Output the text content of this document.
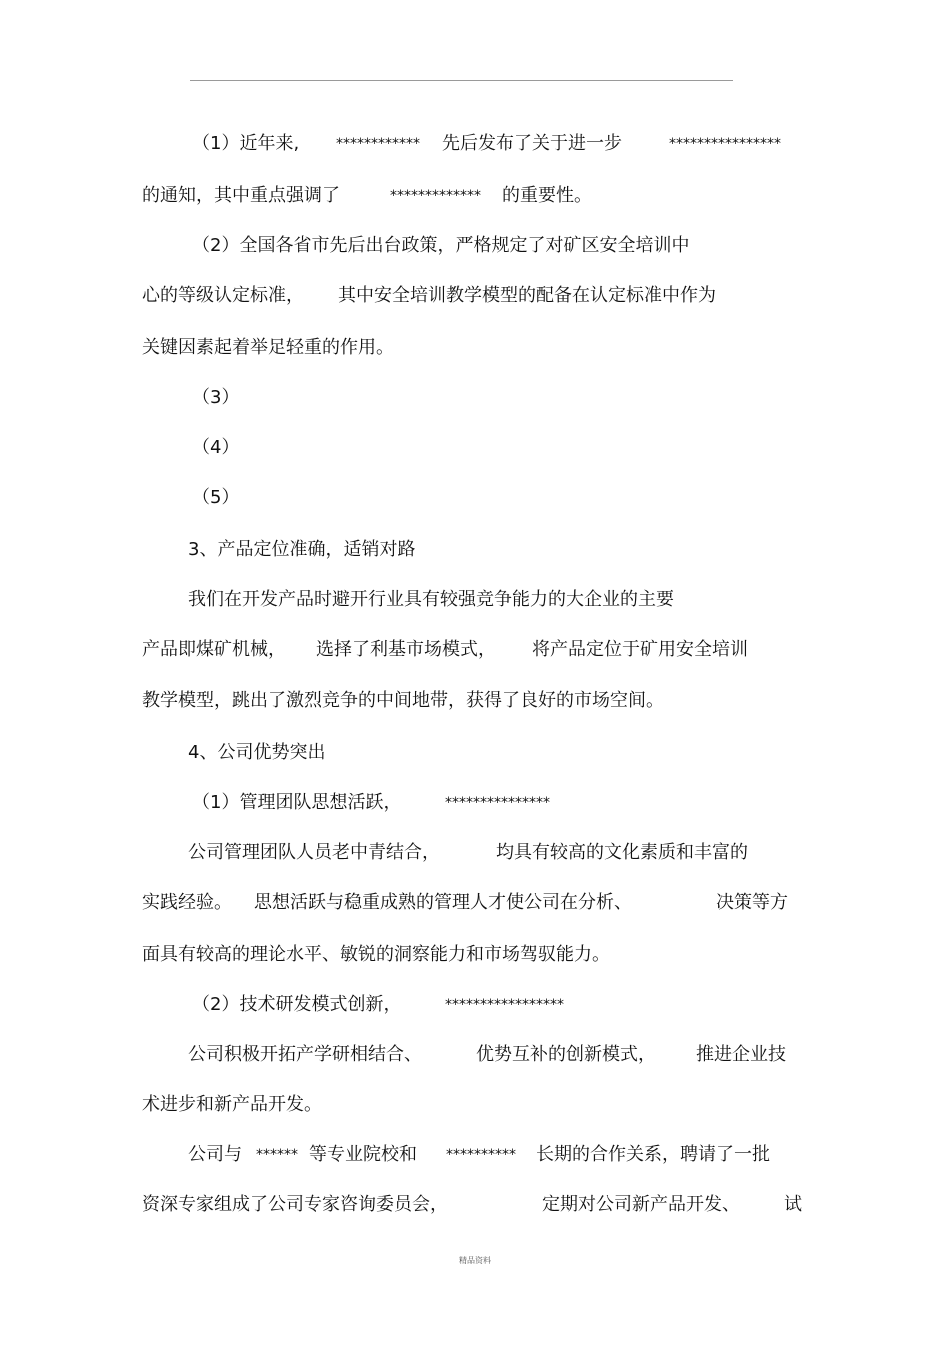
（1）近年来,	************ 先后发布了关于进一步	****************
的通知，其中重点强调了	************* 的重要性。
（2）全国各省市先后出台政策，严格规定了对矿区安全培训中
心的等级认定标准， 其中安全培训教学模型的配备在认定标准中作为
关键因素起着举足轻重的作用。
（3）
（4）
（5）
3、产品定位准确，适销对路
我们在开发产品时避开行业具有较强竞争能力的大企业的主要
产品即煤矿机械， 选择了利基市场模式， 将产品定位于矿用安全培训
教学模型，跳出了激烈竞争的中间地带，获得了良好的市场空间。
4、公司优势突出
（1）管理团队思想活跃，	***************
公司管理团队人员老中青结合，	均具有较高的文化素质和丰富的
实践经验。 思想活跃与稳重成熟的管理人才使公司在分析、	决策等方
面具有较高的理论水平、敏锐的洞察能力和市场驾驭能力。
（2）技术研发模式创新，	*****************
公司积极开拓产学研相结合、	优势互补的创新模式， 推进企业技
术进步和新产品开发。
公司与 ****** 等专业院校和 ********** 长期的合作关系，聘请了一批
资深专家组成了公司专家咨询委员会，	定期对公司新产品开发、 试
精品资料
